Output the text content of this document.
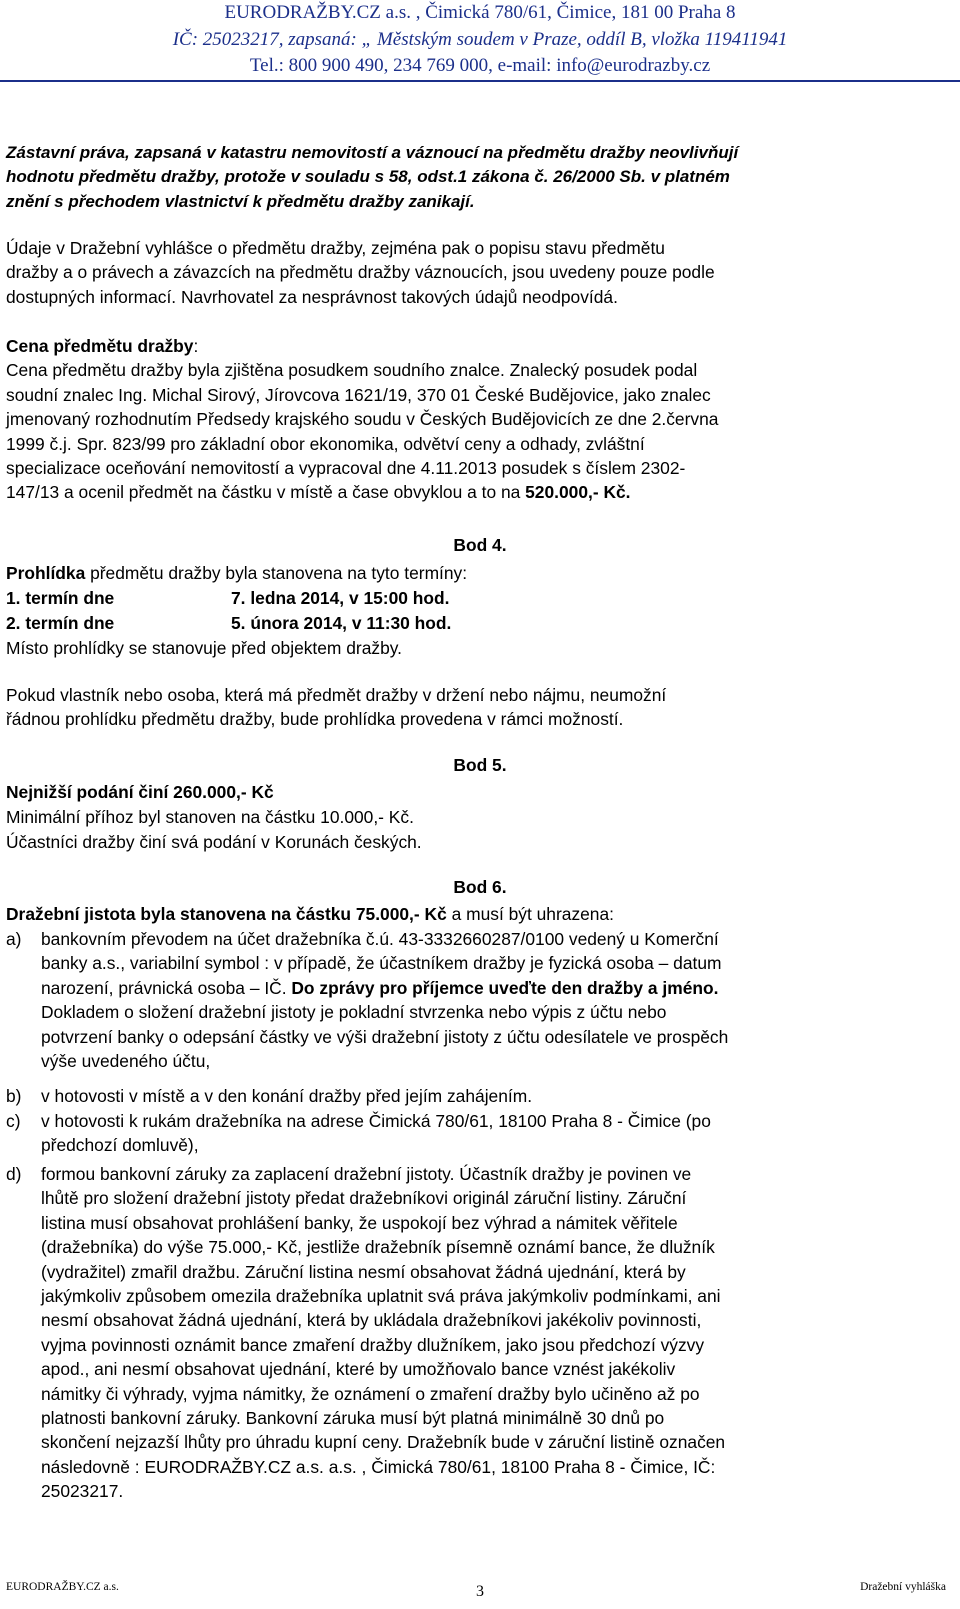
EURODRAŽBY.CZ a.s. , Čimická 780/61, Čimice, 181 00 Praha 8
IČ: 25023217, zapsaná: „ Městským soudem v Praze, oddíl B, vložka 119411941
Tel.: 800 900 490, 234 769 000, e-mail: info@eurodrazby.cz
Zástavní práva, zapsaná v katastru nemovitostí a váznoucí na předmětu dražby neovlivňují
hodnotu předmětu dražby, protože v souladu s 58, odst.1 zákona č. 26/2000 Sb. v platném
znění s přechodem vlastnictví k předmětu dražby zanikají.
Údaje v Dražební vyhlášce o předmětu dražby, zejména pak o popisu stavu předmětu
dražby a o právech a závazcích na předmětu dražby váznoucích, jsou uvedeny pouze podle
dostupných informací. Navrhovatel za nesprávnost takových údajů neodpovídá.
Cena předmětu dražby:
Cena předmětu dražby byla zjištěna posudkem soudního znalce. Znalecký posudek podal
soudní znalec Ing. Michal Sirový, Jírovcova 1621/19, 370 01 České Budějovice, jako znalec
jmenovaný rozhodnutím Předsedy krajského soudu v Českých Budějovicích ze dne 2.června
1999 č.j. Spr. 823/99 pro základní obor ekonomika, odvětví ceny a odhady, zvláštní
specializace oceňování nemovitostí a vypracoval dne 4.11.2013 posudek s číslem 2302-
147/13 a ocenil předmět na částku v místě a čase obvyklou a to na 520.000,- Kč.
Bod 4.
Prohlídka předmětu dražby byla stanovena na tyto termíny:
1. termín dne	7. ledna 2014, v 15:00 hod.
2. termín dne	5. února 2014, v 11:30 hod.
Místo prohlídky se stanovuje před objektem dražby.
Pokud vlastník nebo osoba, která má předmět dražby v držení nebo nájmu, neumožní
řádnou prohlídku předmětu dražby, bude prohlídka provedena v rámci možností.
Bod 5.
Nejnižší podání činí 260.000,- Kč
Minimální příhoz byl stanoven na částku 10.000,- Kč.
Účastníci dražby činí svá podání v Korunách českých.
Bod 6.
Dražební jistota byla stanovena na částku 75.000,- Kč a musí být uhrazena:
a) bankovním převodem na účet dražebníka č.ú. 43-3332660287/0100 vedený u Komerční
banky a.s., variabilní symbol : v případě, že účastníkem dražby je fyzická osoba – datum
narození, právnická osoba – IČ. Do zprávy pro příjemce uveďte den dražby a jméno.
Dokladem o složení dražební jistoty je pokladní stvrzenka nebo výpis z účtu nebo
potvrzení banky o odepsání částky ve výši dražební jistoty z účtu odesílatele ve prospěch
výše uvedeného účtu,
b) v hotovosti v místě a v den konání dražby před jejím zahájením.
c) v hotovosti k rukám dražebníka na adrese Čimická 780/61, 18100 Praha 8 - Čimice (po
předchozí domluvě),
d) formou bankovní záruky za zaplacení dražební jistoty. Účastník dražby je povinen ve
lhůtě pro složení dražební jistoty předat dražebníkovi originál záruční listiny. Záruční
listina musí obsahovat prohlášení banky, že uspokojí bez výhrad a námitek věřitele
(dražebníka) do výše 75.000,- Kč, jestliže dražebník písemně oznámí bance, že dlužník
(vydražitel) zmařil dražbu. Záruční listina nesmí obsahovat žádná ujednání, která by
jakýmkoliv způsobem omezila dražebníka uplatnit svá práva jakýmkoliv podmínkami, ani
nesmí obsahovat žádná ujednání, která by ukládala dražebníkovi jakékoliv povinnosti,
vyjma povinnosti oznámit bance zmaření dražby dlužníkem, jako jsou předchozí výzvy
apod., ani nesmí obsahovat ujednání, které by umožňovalo bance vznést jakékoliv
námitky či výhrady, vyjma námitky, že oznámení o zmaření dražby bylo učiněno až po
platnosti bankovní záruky. Bankovní záruka musí být platná minimálně 30 dnů po
skončení nejzazší lhůty pro úhradu kupní ceny. Dražebník bude v záruční listině označen
následovně : EURODRAŽBY.CZ a.s. a.s. , Čimická 780/61, 18100 Praha 8 - Čimice, IČ:
25023217.
EURODRAŽBY.CZ a.s.	3	Dražební vyhláška
